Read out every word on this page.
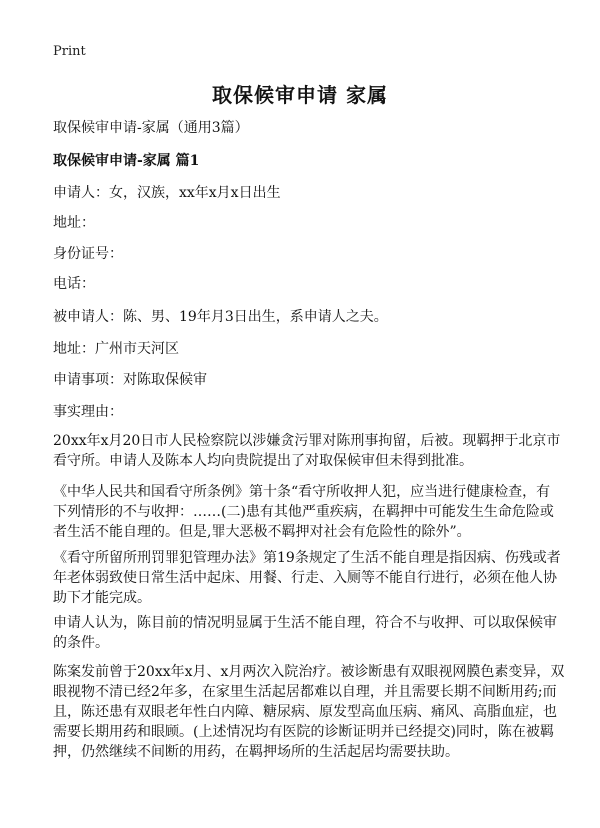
Print
取保候审申请 家属
取保候审申请-家属（通用3篇）
取保候审申请-家属 篇1
申请人：女，汉族，xx年x月x日出生
地址：
身份证号：
电话：
被申请人：陈、男、19年月3日出生，系申请人之夫。
地址：广州市天河区
申请事项：对陈取保候审
事实理由：
20xx年x月20日市人民检察院以涉嫌贪污罪对陈刑事拘留，后被。现羁押于北京市
看守所。申请人及陈本人均向贵院提出了对取保候审但未得到批准。
《中华人民共和国看守所条例》第十条“看守所收押人犯，应当进行健康检查，有
下列情形的不与收押：……(二)患有其他严重疾病，在羁押中可能发生生命危险或
者生活不能自理的。但是,罪大恶极不羁押对社会有危险性的除外”。
《看守所留所刑罚罪犯管理办法》第19条规定了生活不能自理是指因病、伤残或者
年老体弱致使日常生活中起床、用餐、行走、入厕等不能自行进行，必须在他人协
助下才能完成。
申请人认为，陈目前的情况明显属于生活不能自理，符合不与收押、可以取保候审
的条件。
陈案发前曾于20xx年x月、x月两次入院治疗。被诊断患有双眼视网膜色素变异，双
眼视物不清已经2年多，在家里生活起居都难以自理，并且需要长期不间断用药;而
且，陈还患有双眼老年性白内障、糖尿病、原发型高血压病、痛风、高脂血症，也
需要长期用药和眼顾。(上述情况均有医院的诊断证明并已经提交)同时，陈在被羁
押，仍然继续不间断的用药，在羁押场所的生活起居均需要扶助。
